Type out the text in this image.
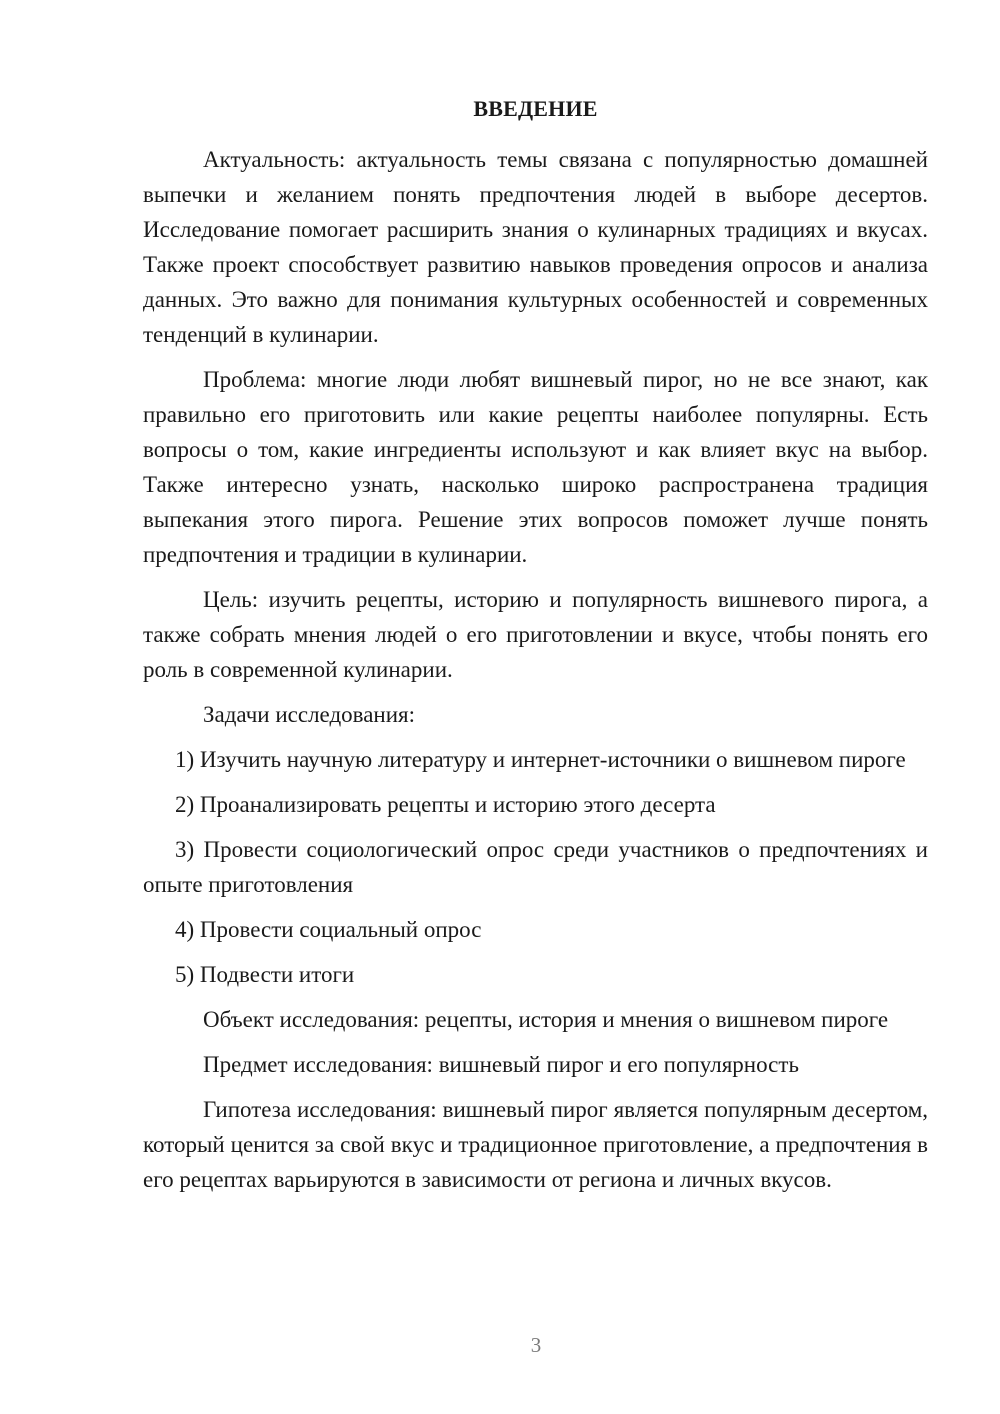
ВВЕДЕНИЕ

Актуальность: актуальность темы связана с популярностью домашней выпечки и желанием понять предпочтения людей в выборе десертов. Исследование помогает расширить знания о кулинарных традициях и вкусах. Также проект способствует развитию навыков проведения опросов и анализа данных. Это важно для понимания культурных особенностей и современных тенденций в кулинарии.

Проблема: многие люди любят вишневый пирог, но не все знают, как правильно его приготовить или какие рецепты наиболее популярны. Есть вопросы о том, какие ингредиенты используют и как влияет вкус на выбор. Также интересно узнать, насколько широко распространена традиция выпекания этого пирога. Решение этих вопросов поможет лучше понять предпочтения и традиции в кулинарии.

Цель: изучить рецепты, историю и популярность вишневого пирога, а также собрать мнения людей о его приготовлении и вкусе, чтобы понять его роль в современной кулинарии.

Задачи исследования:

1) Изучить научную литературу и интернет-источники о вишневом пироге

2) Проанализировать рецепты и историю этого десерта

3) Провести социологический опрос среди участников о предпочтениях и опыте приготовления

4) Провести социальный опрос

5) Подвести итоги

Объект исследования: рецепты, история и мнения о вишневом пироге

Предмет исследования: вишневый пирог и его популярность

Гипотеза исследования: вишневый пирог является популярным десертом, который ценится за свой вкус и традиционное приготовление, а предпочтения в его рецептах варьируются в зависимости от региона и личных вкусов.

3
